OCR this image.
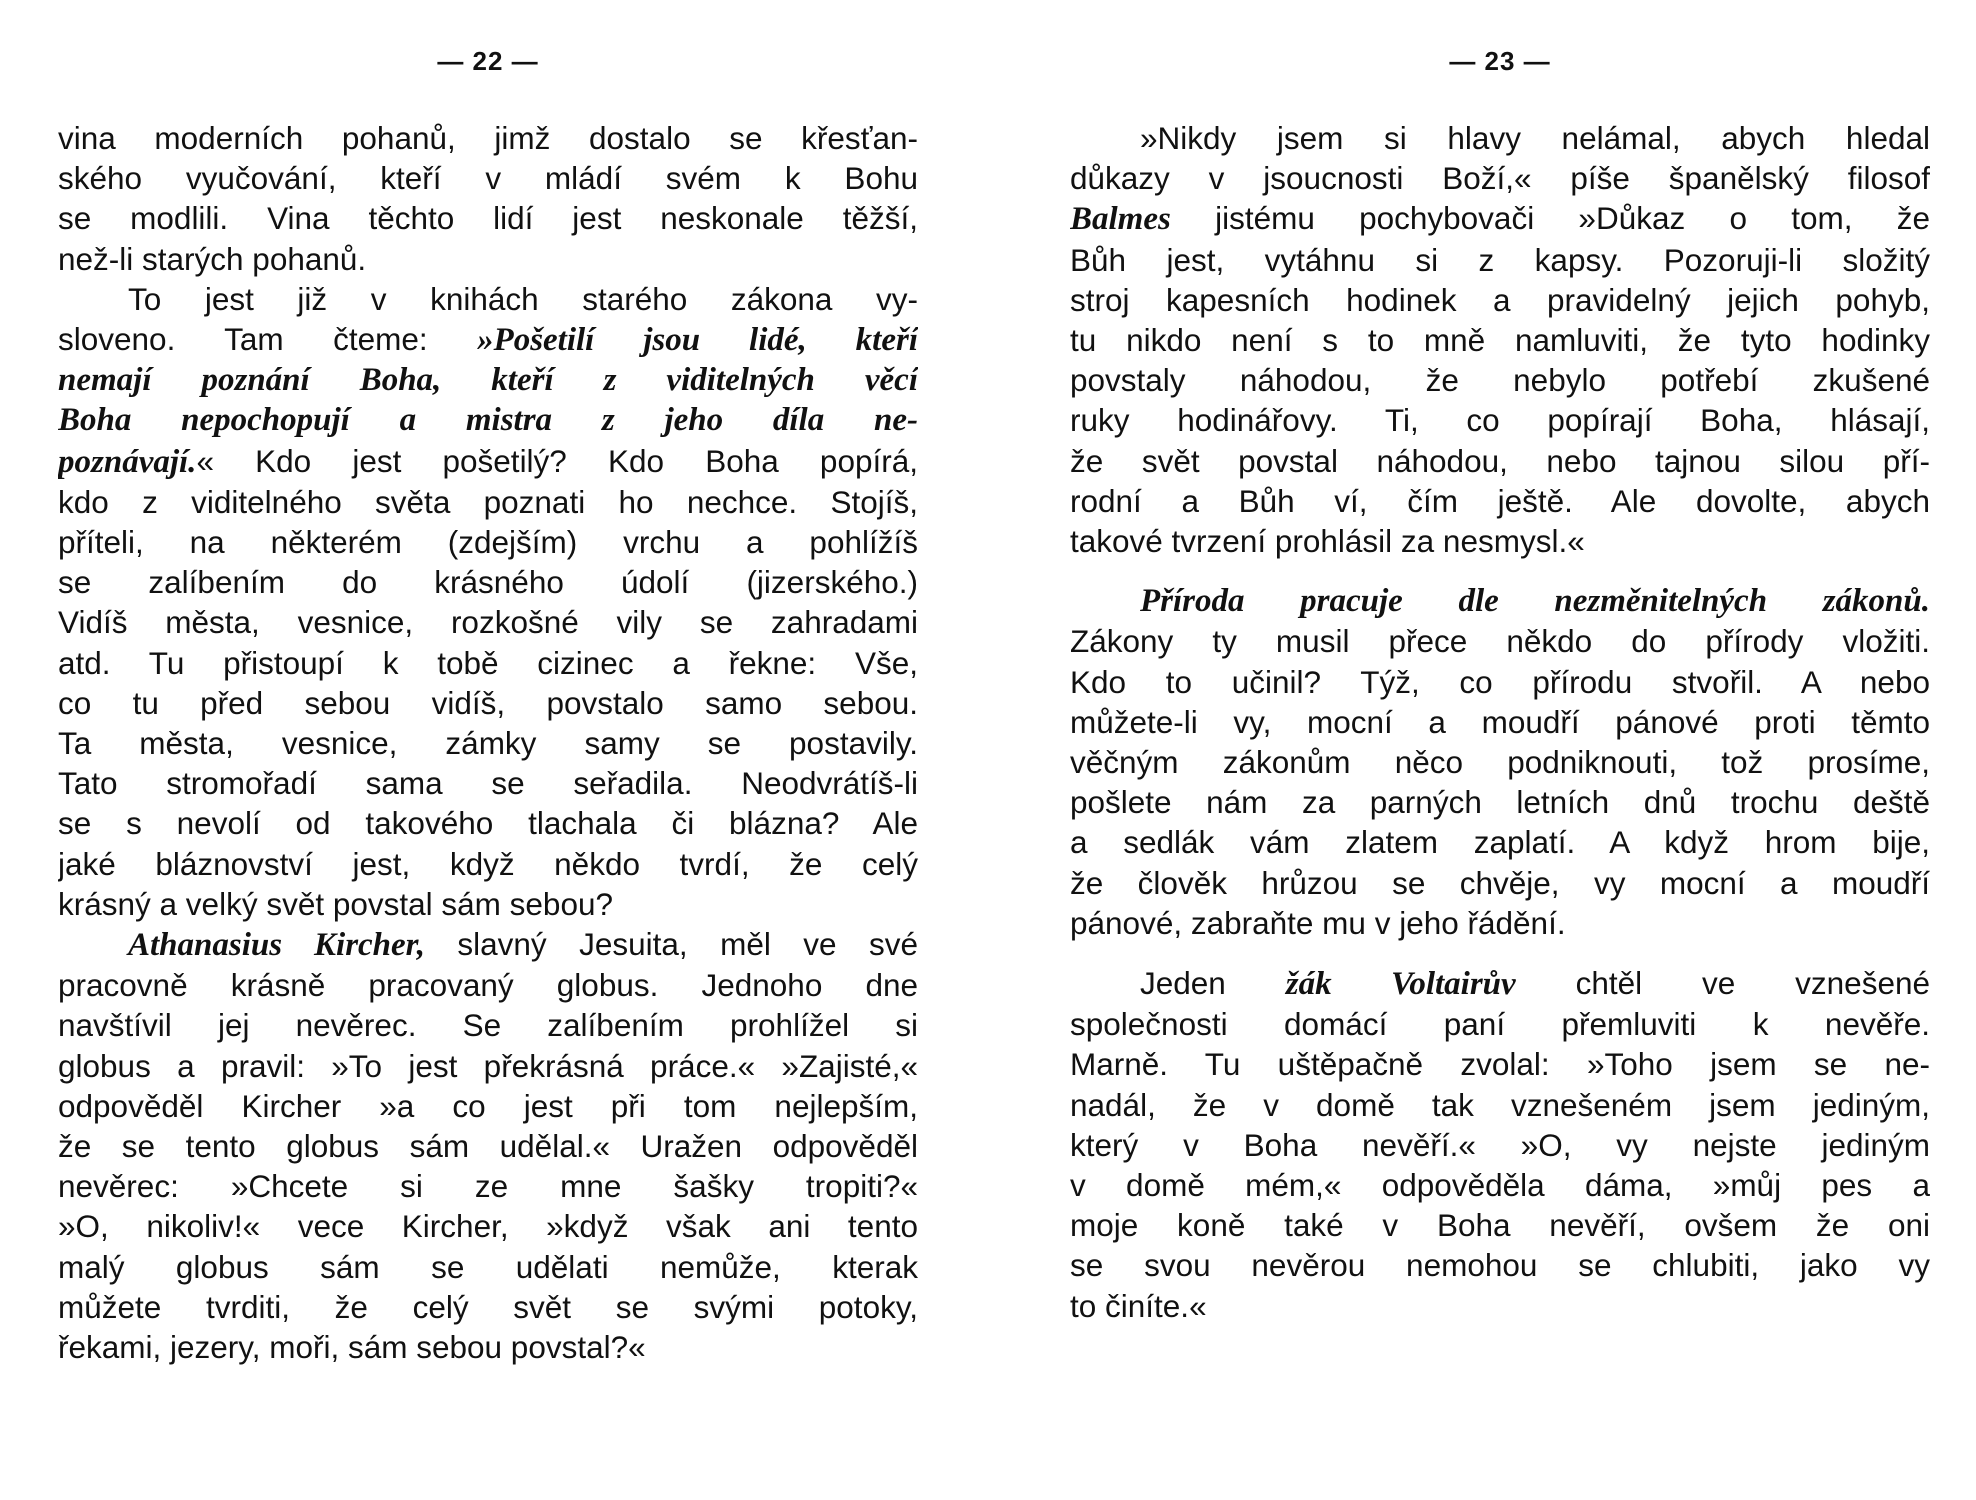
— 22 —
vina moderních pohanů, jimž dostalo se křesťan-
ského vyučování, kteří v mládí svém k Bohu
se modlili. Vina těchto lidí jest neskonale těžší,
než-li starých pohanů.
To jest již v knihách starého zákona vy-
sloveno. Tam čteme: »Pošetilí jsou lidé, kteří
nemají poznání Boha, kteří z viditelných věcí
Boha nepochopují a mistra z jeho díla ne-
poznávají.« Kdo jest pošetilý? Kdo Boha popírá,
kdo z viditelného světa poznati ho nechce. Stojíš,
příteli, na některém (zdejším) vrchu a pohlížíš
se zalíbením do krásného údolí (jizerského.)
Vidíš města, vesnice, rozkošné vily se zahradami
atd. Tu přistoupí k tobě cizinec a řekne: Vše,
co tu před sebou vidíš, povstalo samo sebou.
Ta města, vesnice, zámky samy se postavily.
Tato stromořadí sama se seřadila. Neodvrátíš-li
se s nevolí od takového tlachala či blázna? Ale
jaké bláznovství jest, když někdo tvrdí, že celý
krásný a velký svět povstal sám sebou?
Athanasius Kircher, slavný Jesuita, měl ve své
pracovně krásně pracovaný globus. Jednoho dne
navštívil jej nevěrec. Se zalíbením prohlížel si
globus a pravil: »To jest překrásná práce.« »Zajisté,«
odpověděl Kircher »a co jest při tom nejlepším,
že se tento globus sám udělal.« Uražen odpověděl
nevěrec: »Chcete si ze mne šašky tropiti?«
»O, nikoliv!« vece Kircher, »když však ani tento
malý globus sám se udělati nemůže, kterak
můžete tvrditi, že celý svět se svými potoky,
řekami, jezery, moři, sám sebou povstal?«
— 23 —
»Nikdy jsem si hlavy nelámal, abych hledal
důkazy v jsoucnosti Boží,« píše španělský filosof
Balmes jistému pochybovači »Důkaz o tom, že
Bůh jest, vytáhnu si z kapsy. Pozoruji-li složitý
stroj kapesních hodinek a pravidelný jejich pohyb,
tu nikdo není s to mně namluviti, že tyto hodinky
povstaly náhodou, že nebylo potřebí zkušené
ruky hodinářovy. Ti, co popírají Boha, hlásají,
že svět povstal náhodou, nebo tajnou silou pří-
rodní a Bůh ví, čím ještě. Ale dovolte, abych
takové tvrzení prohlásil za nesmysl.«
Příroda pracuje dle nezměnitelných zákonů.
Zákony ty musil přece někdo do přírody vložiti.
Kdo to učinil? Týž, co přírodu stvořil. A nebo
můžete-li vy, mocní a moudří pánové proti těmto
věčným zákonům něco podniknouti, tož prosíme,
pošlete nám za parných letních dnů trochu deště
a sedlák vám zlatem zaplatí. A když hrom bije,
že člověk hrůzou se chvěje, vy mocní a moudří
pánové, zabraňte mu v jeho řádění.
Jeden žák Voltairův chtěl ve vznešené
společnosti domácí paní přemluviti k nevěře.
Marně. Tu uštěpačně zvolal: »Toho jsem se ne-
nadál, že v domě tak vznešeném jsem jediným,
který v Boha nevěří.« »O, vy nejste jediným
v domě mém,« odpověděla dáma, »můj pes a
moje koně také v Boha nevěří, ovšem že oni
se svou nevěrou nemohou se chlubiti, jako vy
to činíte.«
